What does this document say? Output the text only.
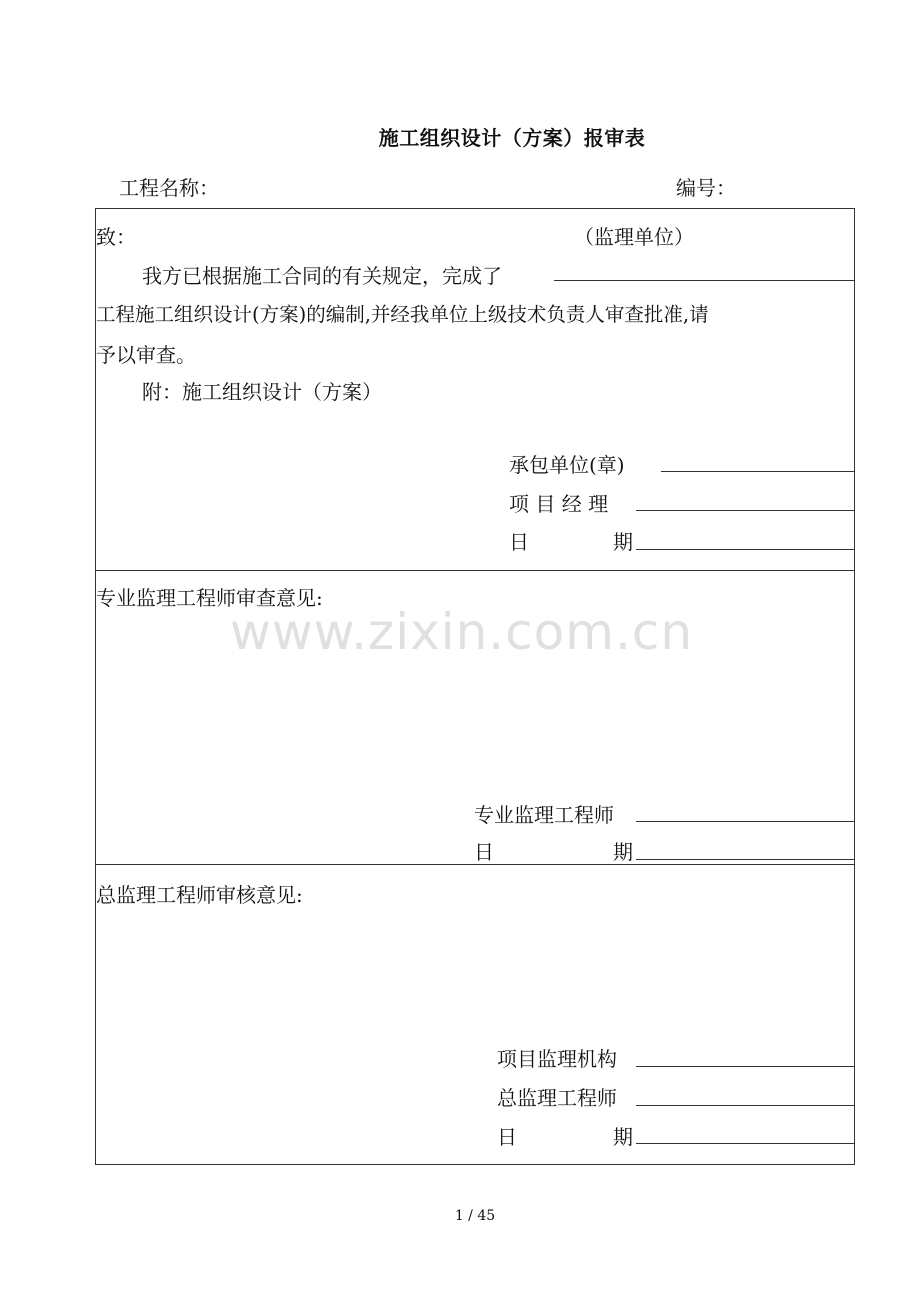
施工组织设计（方案）报审表
工程名称：	编号：
致：	（监理单位）
我方已根据施工合同的有关规定，完成了
工程施工组织设计(方案)的编制,并经我单位上级技术负责人审查批准,请
予以审查。
附：施工组织设计（方案）
承包单位(章)
项 目 经 理
日	期
专业监理工程师审查意见:
专业监理工程师
日	期
总监理工程师审核意见:
项目监理机构
总监理工程师
日	期
www.zixin.com.cn
1 / 45
